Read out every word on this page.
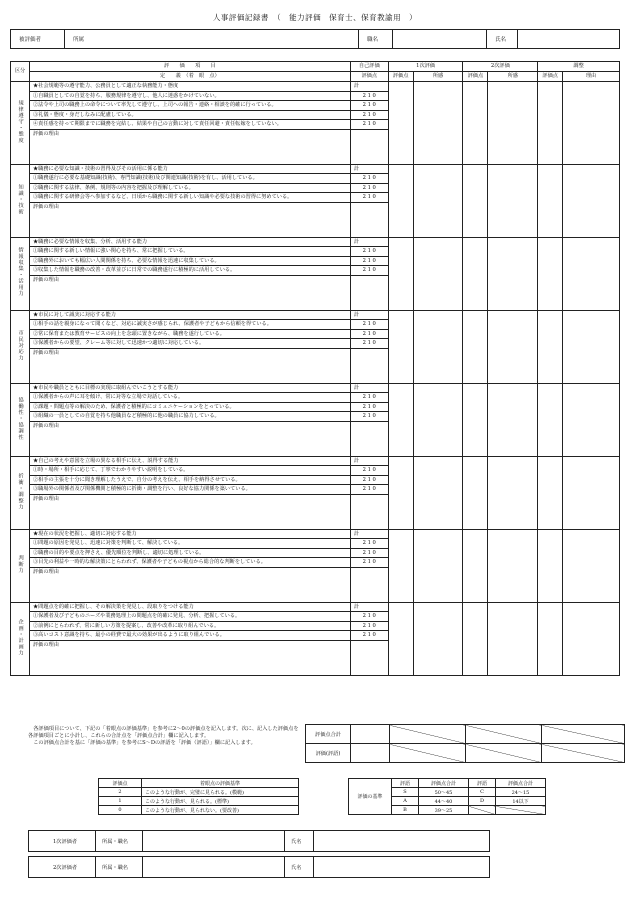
人事評価記録書　（　能力評価　保育士、保育教諭用　）
被評価者	所属	職名		氏名	
区分	評　　価　　項　　目	自己評価	1次評価		2次評価		調整	
	定　　義　（着　眼　点）	評価点	評価点	所感	評価点	所感	評価点	理由
規律遵守・態度	★社会規範等の遵守能力、公務員として適正な執務能力・態度	計						
	①自職員としての自覚を持ち、服務規律を遵守し、他人に迷惑をかけていない。	2 1 0						
	②法令や上司の職務上の命令について率先して遵守し、上司への報告・連絡・相談を的確に行っている。	2 1 0						
	③礼儀・態度・身だしなみに配慮している。	2 1 0						
	④責任感を持って期限までに職務を完結し、結果や自己の言動に対して責任回避・責任転嫁をしていない。	2 1 0						
	評価の理由							
知識・技術	★職務に必要な知識・技術の習得及びその活用に係る能力	計						
	①職務遂行に必要な基礎知識(技術)、専門知識(技術)及び関連知識(技術)を有し、活用している。	2 1 0						
	②職務に関する法律、条例、規則等の内容を把握及び理解している。	2 1 0						
	③職務に関する研修会等へ参加するなど、日頃から職務に関する新しい知識や必要な技術の習得に努めている。	2 1 0						
	評価の理由							
情報収集・活用力	★職務に必要な情報を収集、分析、活用する能力	計						
	①職務に関する新しい情報に強い関心を持ち、常に把握している。	2 1 0						
	②職務外においても幅広い人間関係を持ち、必要な情報を迅速に収集している。	2 1 0						
	③収集した情報を職務の改善・改革並びに日常での職務遂行に積極的に活用している。	2 1 0						
	評価の理由							
市民対応力	★市民に対して誠実に対応する能力	計						
	①相手の話を親身になって聞くなど、対応に誠実さが感じられ、保護者や子どもから信頼を得ている。	2 1 0						
	②常に保育または教育サービスの向上を念頭に置きながら、職務を遂行している。	2 1 0						
	③保護者からの要望、クレーム等に対して迅速かつ適切に対応している。	2 1 0						
	評価の理由							
協働性・協調性	★市民や職員とともに目標の実現に取組んでいこうとする能力	計						
	①保護者からの声に耳を傾け、常に対等な立場で対話している。	2 1 0						
	②課題・問題点等の解決のため、保護者と積極的にコミュニケーションをとっている。	2 1 0						
	③組織の一員としての自覚を持ち他職員など積極的に他の職員に協力している。	2 1 0						
	評価の理由							
折衝・調整力	★自己の考えや意図を立場の異なる相手に伝え、説得する能力	計						
	①時・場所・相手に応じて、丁寧でわかりやすい説明をしている。	2 1 0						
	②相手の主張を十分に聞き理解したうえで、自分の考えを伝え、相手を納得させている。	2 1 0						
	③職場外の関係者及び関係機関と積極的に折衝・調整を行い、良好な協力関係を築いている。	2 1 0						
	評価の理由							
判断力	★現在の状況を把握し、適切に対応する能力	計						
	①問題の原因を発見し、迅速に対策を判断して、解決している。	2 1 0						
	②職務の目的や要点を押さえ、優先順位を判断し、適切に処理している。	2 1 0						
	③目先の利益や一時的な解決策にとらわれず、保護者や子どもの視点から総合的な判断をしている。	2 1 0						
	評価の理由							
企画・計画力	★問題点を的確に把握し、その解決策を発見し、段取りをつける能力	計						
	①保護者及び子どものニーズや業務処理上の問題点を的確に発見、分析、把握している。	2 1 0						
	②前例にとらわれず、常に新しい方策を提案し、改善や改革に取り組んでいる。	2 1 0						
	③高いコスト意識を持ち、最小の経費で最大の効果が出るように取り組んでいる。	2 1 0						
	評価の理由							
　各評価項目について、下記の「着眼点の評価基準」を参考に2～0の評価点を記入します。次に、記入した評価点を各評価項目ごとに小計し、これらの合計点を「評価点合計」欄に記入します。
　この評価点合計を基に「評価の基準」を参考にS～Dの評語を「評価（評語）」欄に記入します。
評価点合計				
評価(評語)				
評価点	着眼点の評価基準
2	このような行動が、完璧に見られる。(模範)
1	このような行動が、見られる。(標準)
0	このような行動が、見られない。(要改善)
評価の基準	評語	評価点合計	評語	評価点合計
	S	50～45	C	24～15
	A	44～40	D	14以下
	B	39～25		
1次評価者	所属・職名		氏名	
2次評価者	所属・職名		氏名	
